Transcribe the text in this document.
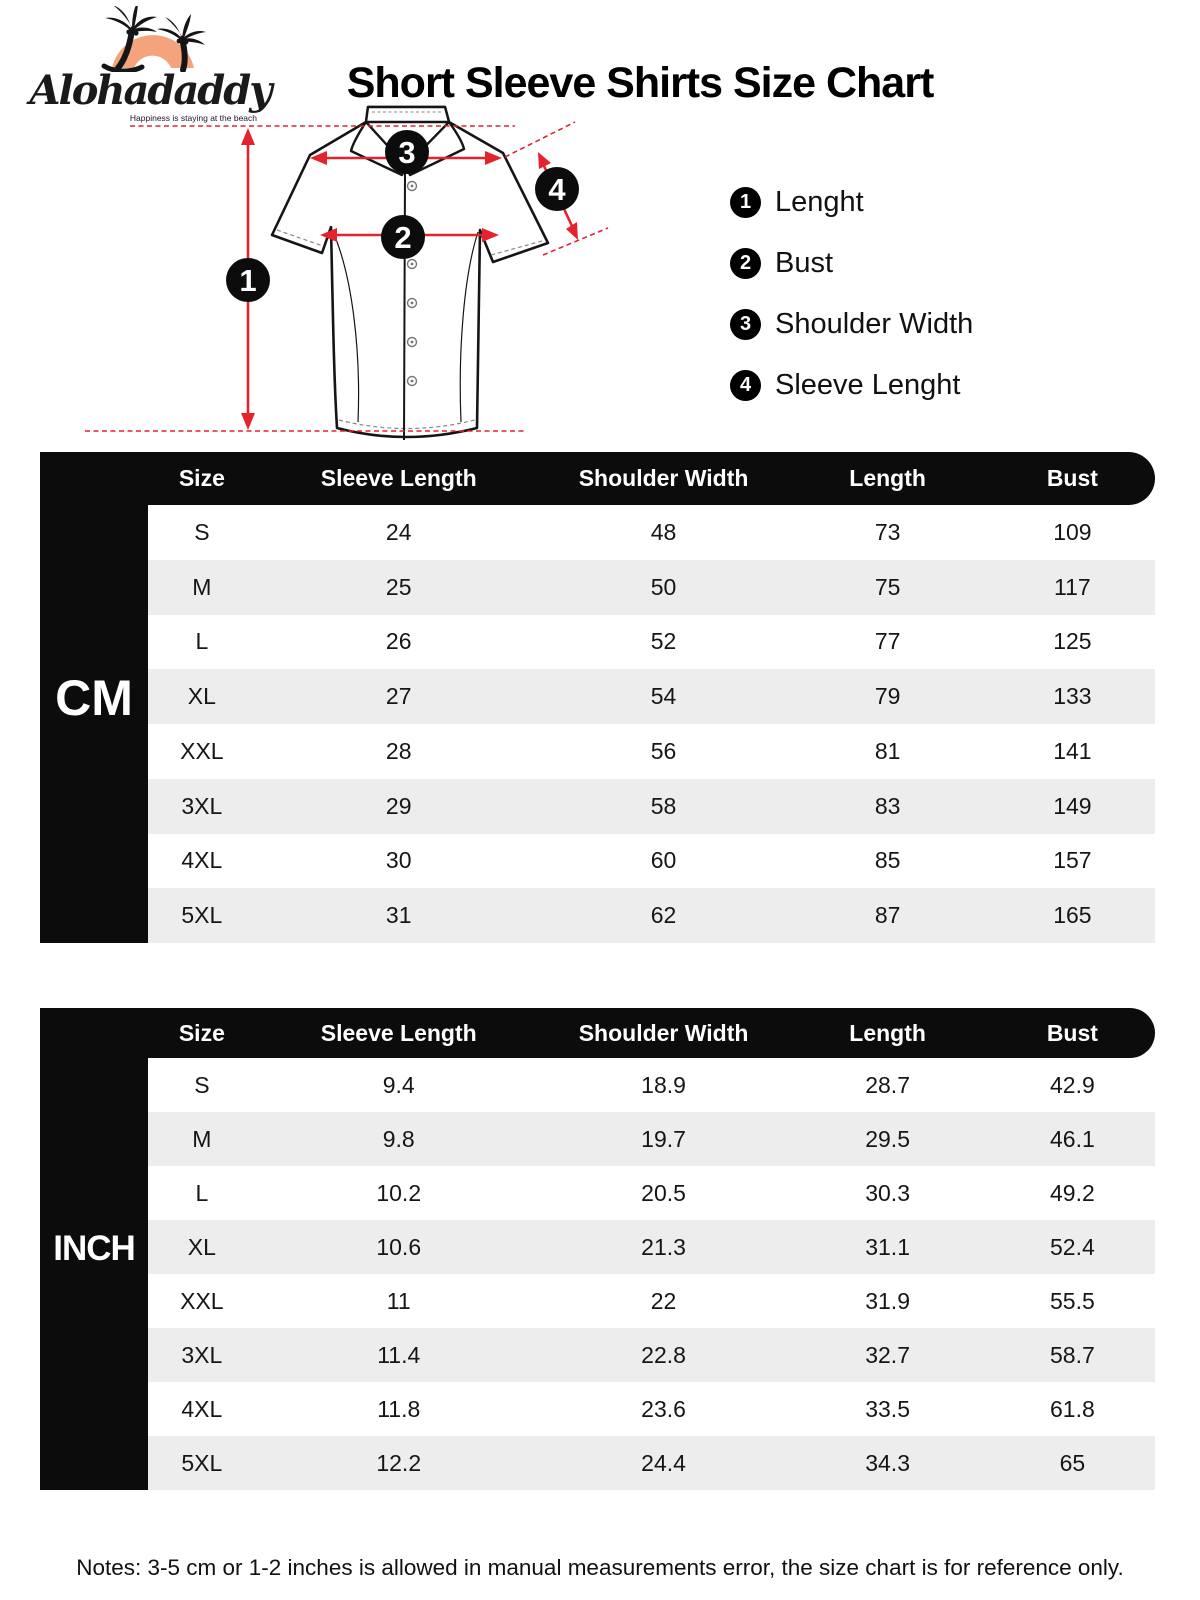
Alohadaddy
Happiness is staying at the beach
Short Sleeve Shirts Size Chart
1
2
3
4	1 Lenght
2 Bust
3 Shoulder Width
4 Sleeve Lenght
Size	Sleeve Length	Shoulder Width	Length	Bust
CM
S	24	48	73	109
M	25	50	75	117
L	26	52	77	125
XL	27	54	79	133
XXL	28	56	81	141
3XL	29	58	83	149
4XL	30	60	85	157
5XL	31	62	87	165
Size	Sleeve Length	Shoulder Width	Length	Bust
INCH
S	9.4	18.9	28.7	42.9
M	9.8	19.7	29.5	46.1
L	10.2	20.5	30.3	49.2
XL	10.6	21.3	31.1	52.4
XXL	11	22	31.9	55.5
3XL	11.4	22.8	32.7	58.7
4XL	11.8	23.6	33.5	61.8
5XL	12.2	24.4	34.3	65

Notes: 3-5 cm or 1-2 inches is allowed in manual measurements error, the size chart is for reference only.
